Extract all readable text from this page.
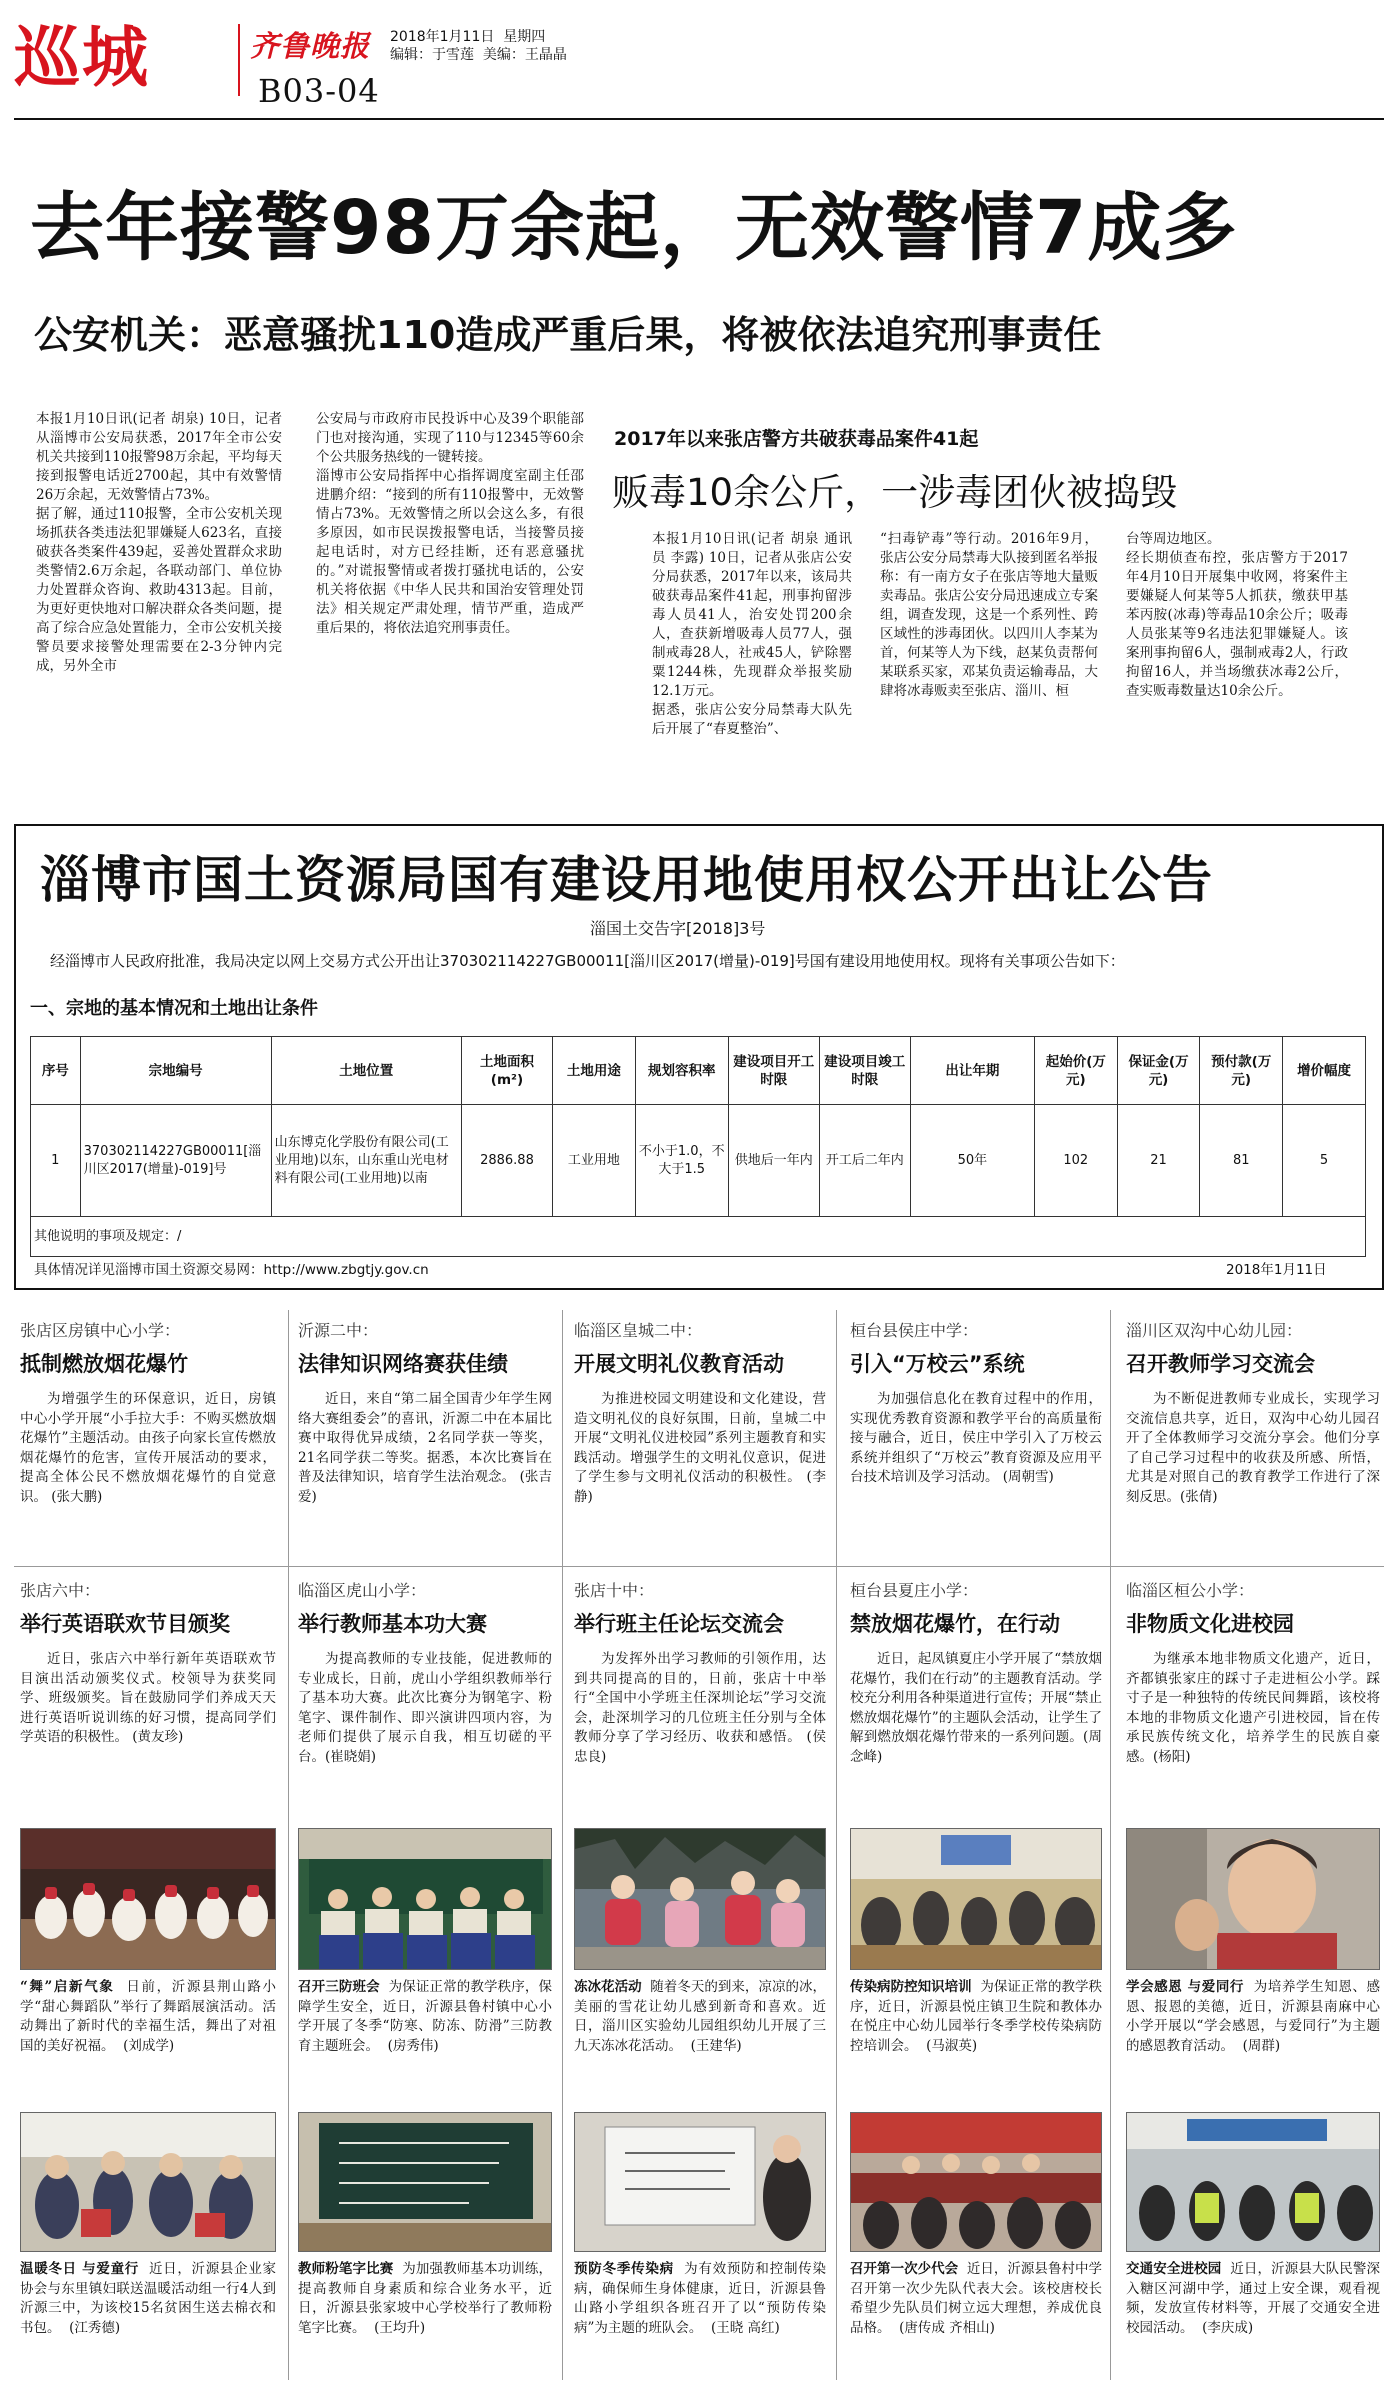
巡城	齐鲁晚报 2018年1月11日 星期四
编辑：于雪莲 美编：王晶晶
B03-04
去年接警98万余起，无效警情7成多
公安机关：恶意骚扰110造成严重后果，将被依法追究刑事责任
本报1月10日讯(记者 胡泉) 10日，记者从淄博市公安局获悉，2017年全市公安机关共接到110报警98万余起，平均每天接到报警电话近2700起，其中有效警情26万余起，无效警情占73%。
据了解，通过110报警，全市公安机关现场抓获各类违法犯罪嫌疑人623名，直接破获各类案件439起，妥善处置群众求助类警情2.6万余起，各联动部门、单位协力处置群众咨询、救助4313起。目前，为更好更快地对口解决群众各类问题，提高了综合应急处置能力，全市公安机关接警员要求接警处理需要在2-3分钟内完成，另外全市
公安局与市政府市民投诉中心及39个职能部门也对接沟通，实现了110与12345等60余个公共服务热线的一键转接。
淄博市公安局指挥中心指挥调度室副主任邵进鹏介绍：“接到的所有110报警中，无效警情占73%。无效警情之所以会这么多，有很多原因，如市民误拨报警电话，当接警员接起电话时，对方已经挂断，还有恶意骚扰的。”对谎报警情或者拨打骚扰电话的，公安机关将依据《中华人民共和国治安管理处罚法》相关规定严肃处理，情节严重，造成严重后果的，将依法追究刑事责任。
2017年以来张店警方共破获毒品案件41起
贩毒10余公斤，一涉毒团伙被捣毁
本报1月10日讯(记者 胡泉 通讯员 李露) 10日，记者从张店公安分局获悉，2017年以来，该局共破获毒品案件41起，刑事拘留涉毒人员41人，治安处罚200余人，查获新增吸毒人员77人，强制戒毒28人，社戒45人，铲除罂粟1244株，先现群众举报奖励12.1万元。
据悉，张店公安分局禁毒大队先后开展了“春夏整治”、
“扫毒铲毒”等行动。2016年9月，张店公安分局禁毒大队接到匿名举报称：有一南方女子在张店等地大量贩卖毒品。张店公安分局迅速成立专案组，调查发现，这是一个系列性、跨区域性的涉毒团伙。以四川人李某为首，何某等人为下线，赵某负责帮何某联系买家，邓某负责运输毒品，大肆将冰毒贩卖至张店、淄川、桓
台等周边地区。
经长期侦查布控，张店警方于2017年4月10日开展集中收网，将案件主要嫌疑人何某等5人抓获，缴获甲基苯丙胺(冰毒)等毒品10余公斤；吸毒人员张某等9名违法犯罪嫌疑人。该案刑事拘留6人，强制戒毒2人，行政拘留16人，并当场缴获冰毒2公斤，查实贩毒数量达10余公斤。
淄博市国土资源局国有建设用地使用权公开出让公告
淄国土交告字[2018]3号
经淄博市人民政府批准，我局决定以网上交易方式公开出让370302114227GB00011[淄川区2017(增量)-019]号国有建设用地使用权。现将有关事项公告如下：
一、宗地的基本情况和土地出让条件
序号	宗地编号	土地位置	土地面积(m²)	土地用途	规划容积率	建设项目开工时限	建设项目竣工时限	出让年期	起始价(万元)	保证金(万元)	预付款(万元)	增价幅度
1	370302114227GB00011[淄川区2017(增量)-019]号	山东博克化学股份有限公司(工业用地)以东，山东重山光电材料有限公司(工业用地)以南	2886.88	工业用地	不小于1.0，不大于1.5	供地后一年内	开工后二年内	50年	102	21	81	5
其他说明的事项及规定：/												
具体情况详见淄博市国土资源交易网：http://www.zbgtjy.gov.cn	2018年1月11日
张店区房镇中心小学：
抵制燃放烟花爆竹
为增强学生的环保意识，近日，房镇中心小学开展“小手拉大手：不购买燃放烟花爆竹”主题活动。由孩子向家长宣传燃放烟花爆竹的危害，宣传开展活动的要求，提高全体公民不燃放烟花爆竹的自觉意识。 (张大鹏)
沂源二中：
法律知识网络赛获佳绩
近日，来自“第二届全国青少年学生网络大赛组委会”的喜讯，沂源二中在本届比赛中取得优异成绩，2名同学获一等奖，21名同学获二等奖。据悉，本次比赛旨在普及法律知识，培育学生法治观念。 (张吉爱)
临淄区皇城二中：
开展文明礼仪教育活动
为推进校园文明建设和文化建设，营造文明礼仪的良好氛围，日前，皇城二中开展“文明礼仪进校园”系列主题教育和实践活动。增强学生的文明礼仪意识，促进了学生参与文明礼仪活动的积极性。 (李静)
桓台县侯庄中学：
引入“万校云”系统
为加强信息化在教育过程中的作用，实现优秀教育资源和教学平台的高质量衔接与融合，近日，侯庄中学引入了万校云系统并组织了“万校云”教育资源及应用平台技术培训及学习活动。 (周朝雪)
淄川区双沟中心幼儿园：
召开教师学习交流会
为不断促进教师专业成长，实现学习交流信息共享，近日，双沟中心幼儿园召开了全体教师学习交流分享会。他们分享了自己学习过程中的收获及所感、所悟，尤其是对照自己的教育教学工作进行了深刻反思。(张倩)
张店六中：
举行英语联欢节目颁奖
近日，张店六中举行新年英语联欢节目演出活动颁奖仪式。校领导为获奖同学、班级颁奖。旨在鼓励同学们养成天天进行英语听说训练的好习惯，提高同学们学英语的积极性。 (黄友珍)
临淄区虎山小学：
举行教师基本功大赛
为提高教师的专业技能，促进教师的专业成长，日前，虎山小学组织教师举行了基本功大赛。此次比赛分为钢笔字、粉笔字、课件制作、即兴演讲四项内容，为老师们提供了展示自我，相互切磋的平台。(崔晓娟)
张店十中：
举行班主任论坛交流会
为发挥外出学习教师的引领作用，达到共同提高的目的，日前，张店十中举行“全国中小学班主任深圳论坛”学习交流会，赴深圳学习的几位班主任分别与全体教师分享了学习经历、收获和感悟。 (侯忠良)
桓台县夏庄小学：
禁放烟花爆竹，在行动
近日，起凤镇夏庄小学开展了“禁放烟花爆竹，我们在行动”的主题教育活动。学校充分利用各种渠道进行宣传；开展“禁止燃放烟花爆竹”的主题队会活动，让学生了解到燃放烟花爆竹带来的一系列问题。(周念峰)
临淄区桓公小学：
非物质文化进校园
为继承本地非物质文化遗产，近日，齐都镇张家庄的踩寸子走进桓公小学。踩寸子是一种独特的传统民间舞蹈，该校将本地的非物质文化遗产引进校园，旨在传承民族传统文化，培养学生的民族自豪感。(杨阳)
“舞”启新气象 日前，沂源县荆山路小学“甜心舞蹈队”举行了舞蹈展演活动。活动舞出了新时代的幸福生活，舞出了对祖国的美好祝福。 (刘成学)
召开三防班会 为保证正常的教学秩序，保障学生安全，近日，沂源县鲁村镇中心小学开展了冬季“防寒、防冻、防滑”三防教育主题班会。 (房秀伟)
冻冰花活动 随着冬天的到来，凉凉的冰，美丽的雪花让幼儿感到新奇和喜欢。近日，淄川区实验幼儿园组织幼儿开展了三九天冻冰花活动。 (王建华)
传染病防控知识培训 为保证正常的教学秩序，近日，沂源县悦庄镇卫生院和教体办在悦庄中心幼儿园举行冬季学校传染病防控培训会。 (马淑英)
学会感恩 与爱同行 为培养学生知恩、感恩、报恩的美德，近日，沂源县南麻中心小学开展以“学会感恩，与爱同行”为主题的感恩教育活动。 (周群)
温暖冬日 与爱童行 近日，沂源县企业家协会与东里镇妇联送温暖活动组一行4人到沂源三中，为该校15名贫困生送去棉衣和书包。 (江秀德)
教师粉笔字比赛 为加强教师基本功训练，提高教师自身素质和综合业务水平，近日，沂源县张家坡中心学校举行了教师粉笔字比赛。 (王均升)
预防冬季传染病 为有效预防和控制传染病，确保师生身体健康，近日，沂源县鲁山路小学组织各班召开了以“预防传染病”为主题的班队会。 (王晓 高红)
召开第一次少代会 近日，沂源县鲁村中学召开第一次少先队代表大会。该校唐校长希望少先队员们树立远大理想，养成优良品格。 (唐传成 齐相山)
交通安全进校园 近日，沂源县大队民警深入糖区河湖中学，通过上安全课，观看视频，发放宣传材料等，开展了交通安全进校园活动。 (李庆成)
